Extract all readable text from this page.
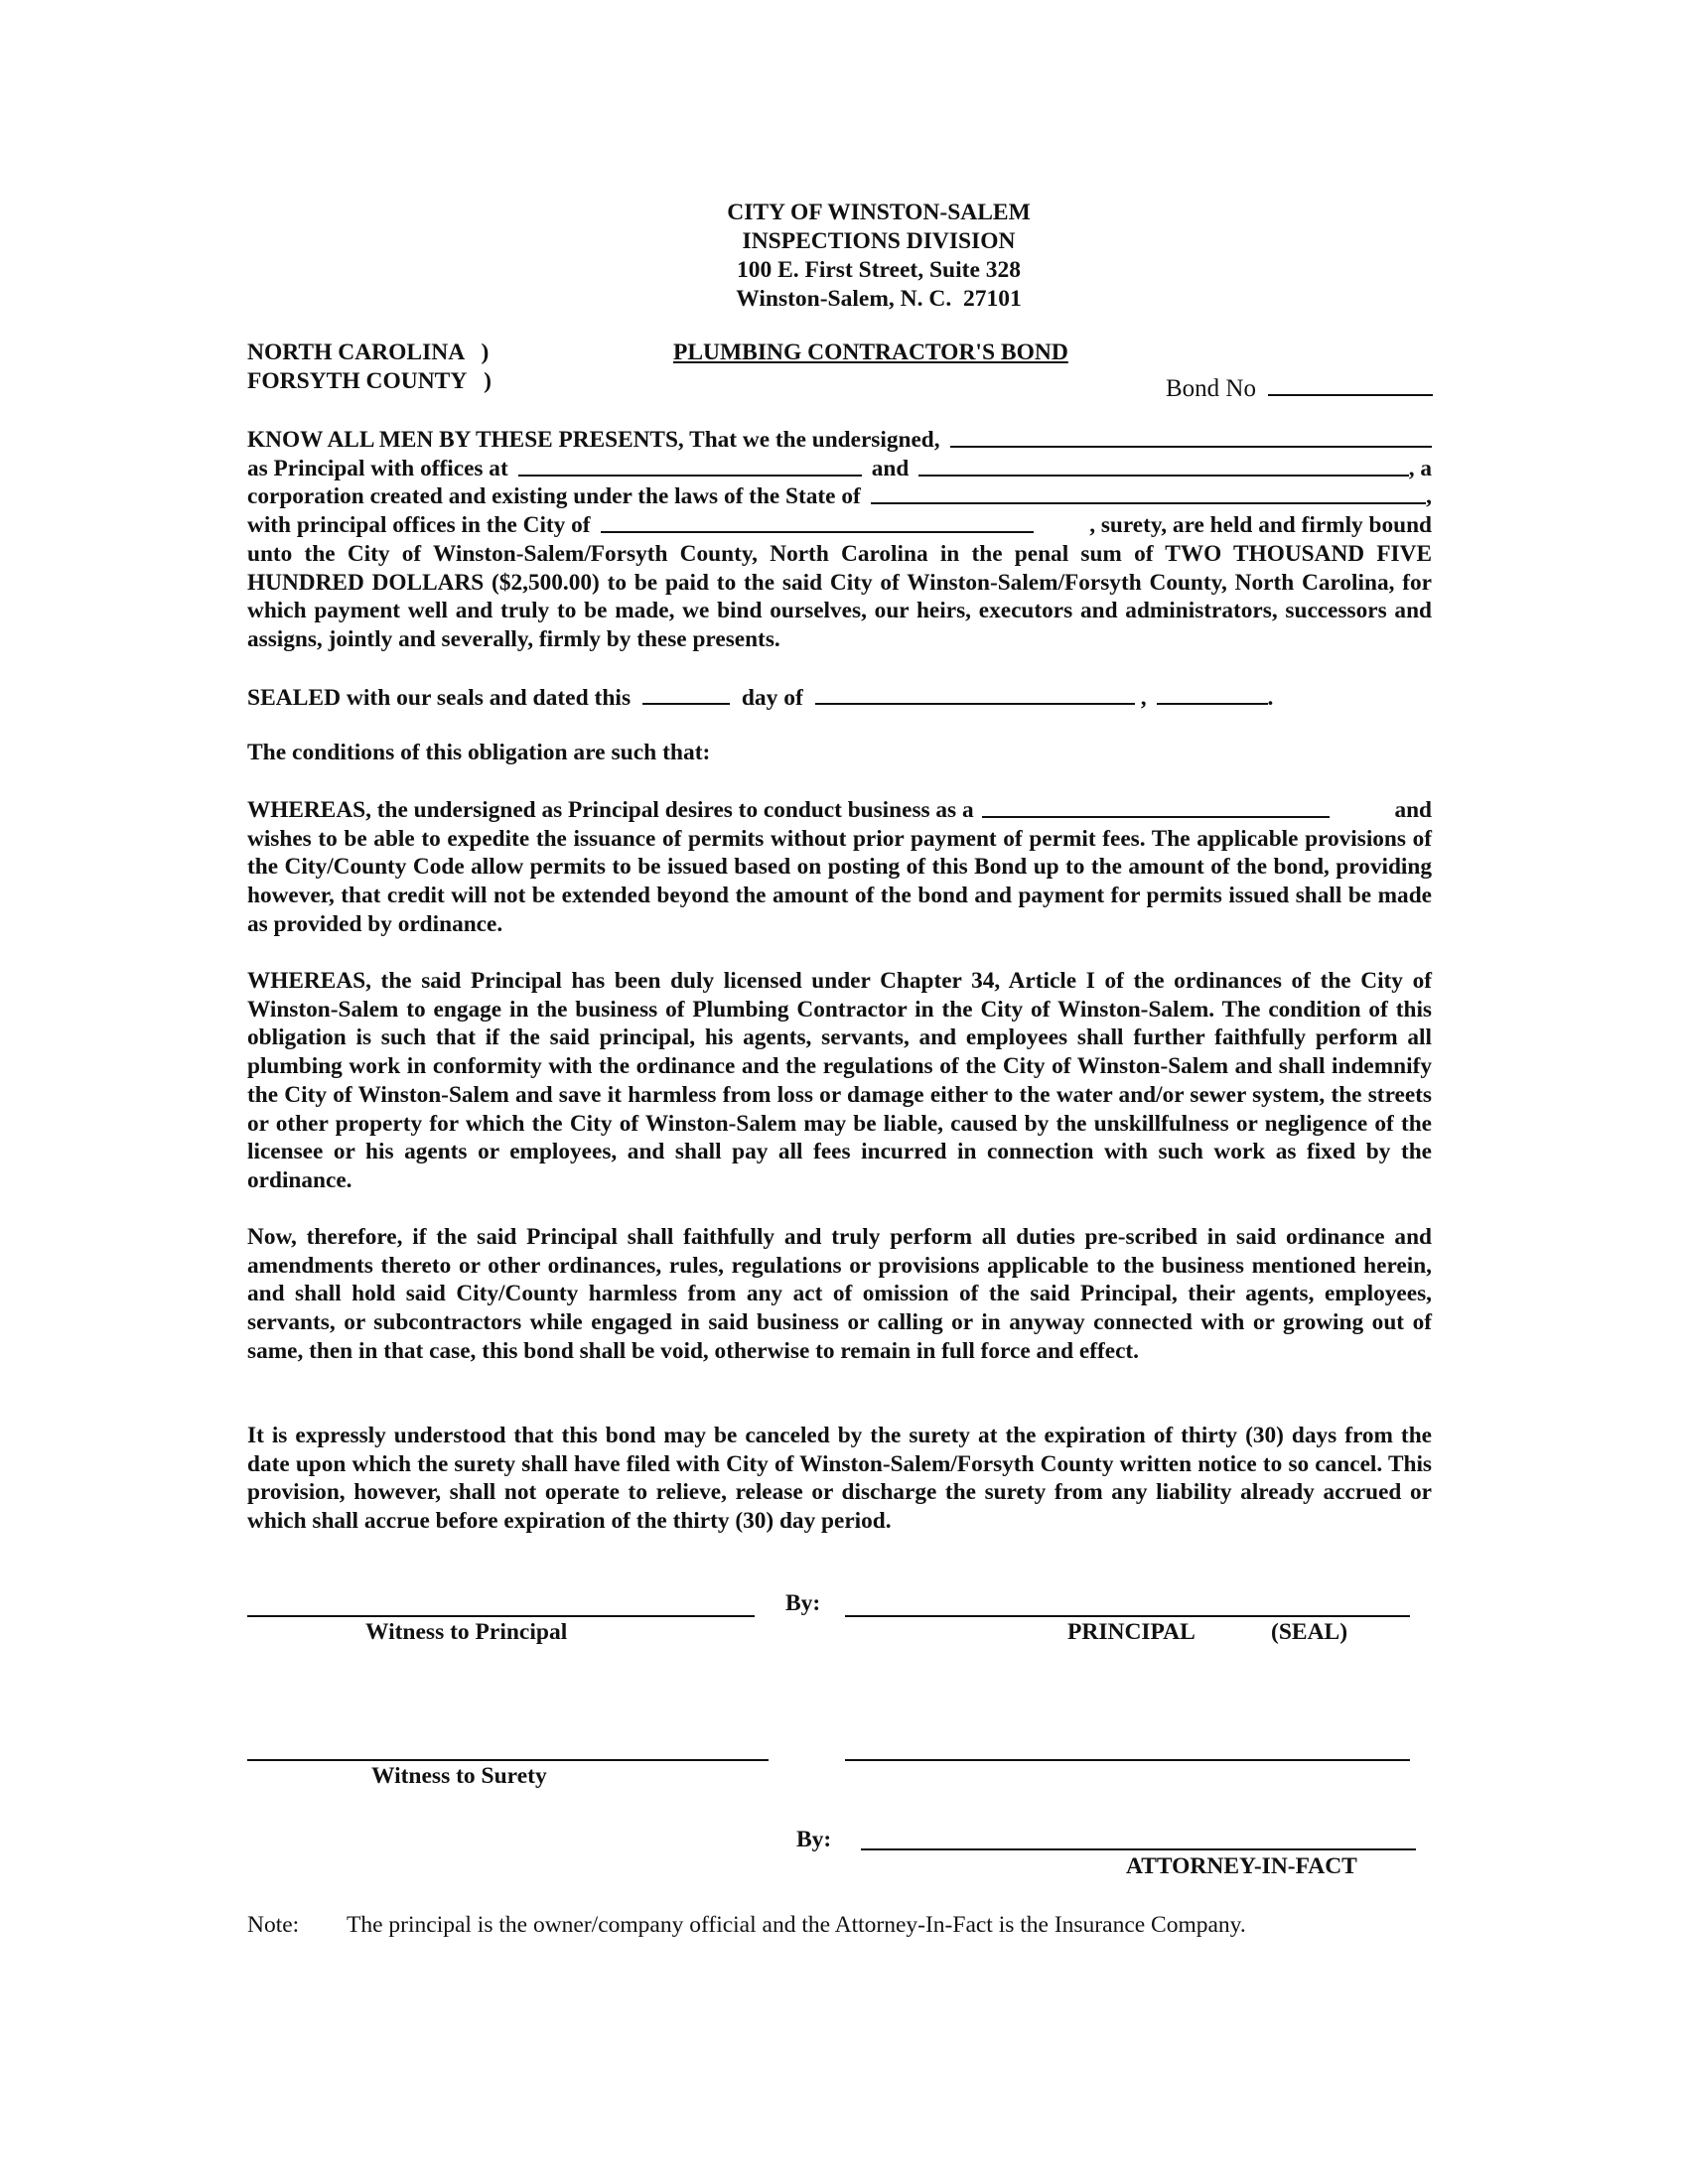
CITY OF WINSTON-SALEM
INSPECTIONS DIVISION
100 E. First Street, Suite 328
Winston-Salem, N. C.  27101
NORTH CAROLINA   )
FORSYTH COUNTY   )
PLUMBING CONTRACTOR'S BOND
Bond No
KNOW ALL MEN BY THESE PRESENTS, That we the undersigned,
as Principal with offices at	and	, a
corporation created and existing under the laws of the State of	,
with principal offices in the City of	, surety, are held and firmly bound
unto the City of Winston-Salem/Forsyth County, North Carolina in the penal sum of TWO THOUSAND FIVE HUNDRED DOLLARS ($2,500.00) to be paid to the said City of Winston-Salem/Forsyth County, North Carolina, for which payment well and truly to be made, we bind ourselves, our heirs, executors and administrators, successors and assigns, jointly and severally, firmly by these presents.
SEALED with our seals and dated this	day of	,	.
The conditions of this obligation are such that:
WHEREAS, the undersigned as Principal desires to conduct business as a	and
wishes to be able to expedite the issuance of permits without prior payment of permit fees. The applicable provisions of the City/County Code allow permits to be issued based on posting of this Bond up to the amount of the bond, providing however, that credit will not be extended beyond the amount of the bond and payment for permits issued shall be made as provided by ordinance.
WHEREAS, the said Principal has been duly licensed under Chapter 34, Article I of the ordinances of the City of Winston-Salem to engage in the business of Plumbing Contractor in the City of Winston-Salem. The condition of this obligation is such that if the said principal, his agents, servants, and employees shall further faithfully perform all plumbing work in conformity with the ordinance and the regulations of the City of Winston-Salem and shall indemnify the City of Winston-Salem and save it harmless from loss or damage either to the water and/or sewer system, the streets or other property for which the City of Winston-Salem may be liable, caused by the unskillfulness or negligence of the licensee or his agents or employees, and shall pay all fees incurred in connection with such work as fixed by the ordinance.
Now, therefore, if the said Principal shall faithfully and truly perform all duties pre-scribed in said ordinance and amendments thereto or other ordinances, rules, regulations or provisions applicable to the business mentioned herein, and shall hold said City/County harmless from any act of omission of the said Principal, their agents, employees, servants, or subcontractors while engaged in said business or calling or in anyway connected with or growing out of same, then in that case, this bond shall be void, otherwise to remain in full force and effect.
It is expressly understood that this bond may be canceled by the surety at the expiration of thirty (30) days from the date upon which the surety shall have filed with City of Winston-Salem/Forsyth County written notice to so cancel. This provision, however, shall not operate to relieve, release or discharge the surety from any liability already accrued or which shall accrue before expiration of the thirty (30) day period.
By:
Witness to Principal	PRINCIPAL	(SEAL)
Witness to Surety
By:
ATTORNEY-IN-FACT
Note: The principal is the owner/company official and the Attorney-In-Fact is the Insurance Company.
